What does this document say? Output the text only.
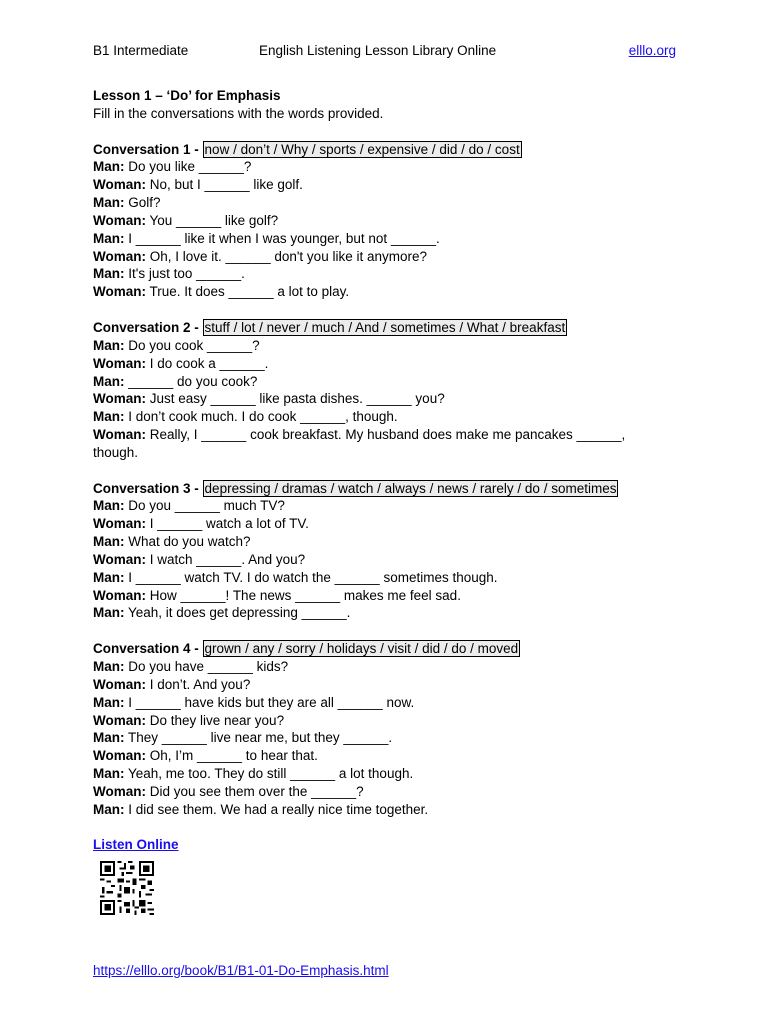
B1 Intermediate	English Listening Lesson Library Online	elllo.org
Lesson 1 – ‘Do’ for Emphasis
Fill in the conversations with the words provided.
Conversation 1 - now / don’t / Why / sports / expensive / did / do / cost
Man: Do you like ______?
Woman: No, but I ______ like golf.
Man: Golf?
Woman: You ______ like golf?
Man: I ______ like it when I was younger, but not ______.
Woman: Oh, I love it. ______ don't you like it anymore?
Man: It's just too ______.
Woman: True. It does ______ a lot to play.
Conversation 2 - stuff / lot / never / much / And / sometimes / What / breakfast
Man: Do you cook ______?
Woman: I do cook a ______.
Man: ______ do you cook?
Woman: Just easy ______ like pasta dishes. ______ you?
Man: I don’t cook much. I do cook ______, though.
Woman: Really, I ______ cook breakfast. My husband does make me pancakes ______, though.
Conversation 3 - depressing / dramas / watch / always / news / rarely / do / sometimes
Man: Do you ______ much TV?
Woman: I ______ watch a lot of TV.
Man: What do you watch?
Woman: I watch ______. And you?
Man: I ______ watch TV. I do watch the ______ sometimes though.
Woman: How ______! The news ______ makes me feel sad.
Man: Yeah, it does get depressing ______.
Conversation 4 - grown / any / sorry / holidays / visit / did / do / moved
Man: Do you have ______ kids?
Woman: I don’t. And you?
Man: I ______ have kids but they are all ______ now.
Woman: Do they live near you?
Man: They ______ live near me, but they ______.
Woman: Oh, I’m ______ to hear that.
Man: Yeah, me too. They do still ______ a lot though.
Woman: Did you see them over the ______?
Man: I did see them. We had a really nice time together.
Listen Online
https://elllo.org/book/B1/B1-01-Do-Emphasis.html
